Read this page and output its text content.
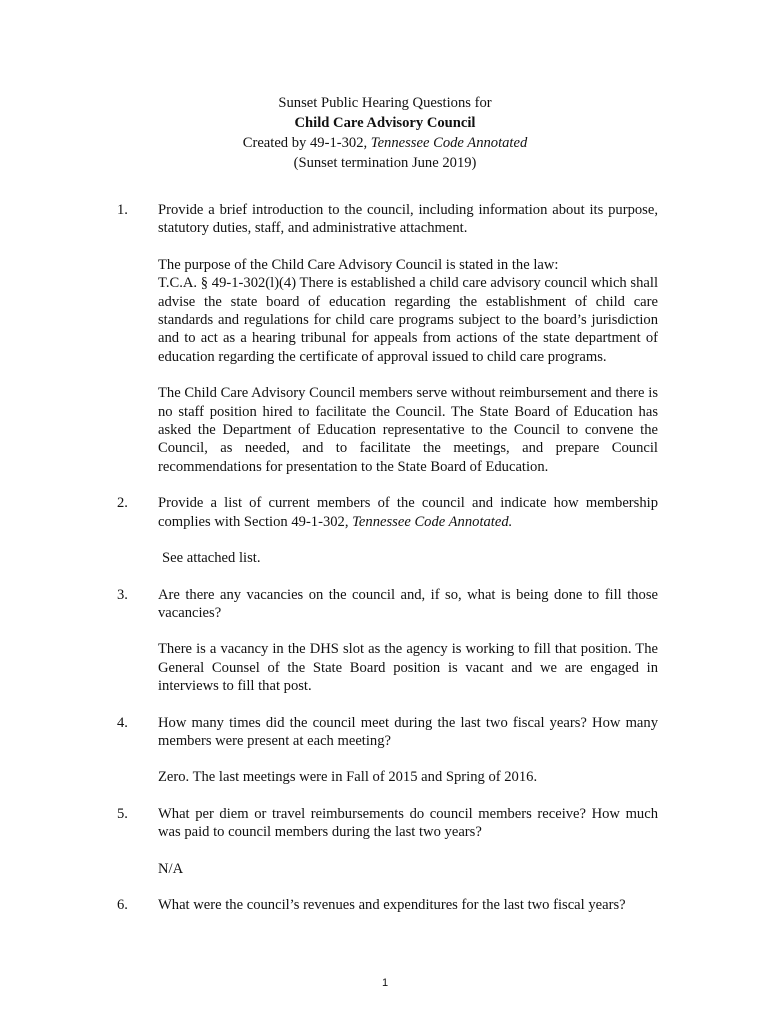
Sunset Public Hearing Questions for
Child Care Advisory Council
Created by 49-1-302, Tennessee Code Annotated
(Sunset termination June 2019)
1. Provide a brief introduction to the council, including information about its purpose, statutory duties, staff, and administrative attachment.
The purpose of the Child Care Advisory Council is stated in the law:
T.C.A. § 49-1-302(l)(4) There is established a child care advisory council which shall advise the state board of education regarding the establishment of child care standards and regulations for child care programs subject to the board’s jurisdiction and to act as a hearing tribunal for appeals from actions of the state department of education regarding the certificate of approval issued to child care programs.
The Child Care Advisory Council members serve without reimbursement and there is no staff position hired to facilitate the Council. The State Board of Education has asked the Department of Education representative to the Council to convene the Council, as needed, and to facilitate the meetings, and prepare Council recommendations for presentation to the State Board of Education.
2. Provide a list of current members of the council and indicate how membership complies with Section 49-1-302, Tennessee Code Annotated.
See attached list.
3. Are there any vacancies on the council and, if so, what is being done to fill those vacancies?
There is a vacancy in the DHS slot as the agency is working to fill that position. The General Counsel of the State Board position is vacant and we are engaged in interviews to fill that post.
4. How many times did the council meet during the last two fiscal years? How many members were present at each meeting?
Zero. The last meetings were in Fall of 2015 and Spring of 2016.
5. What per diem or travel reimbursements do council members receive? How much was paid to council members during the last two years?
N/A
6. What were the council’s revenues and expenditures for the last two fiscal years?
1
